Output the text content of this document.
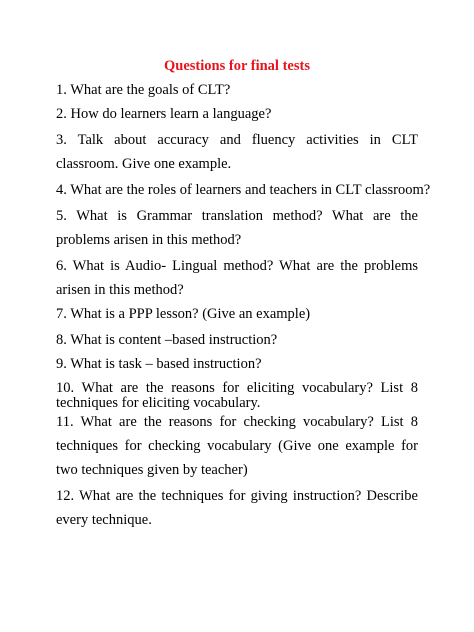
Questions for final tests
1. What are the goals of CLT?
2. How do learners learn a language?
3. Talk about accuracy and fluency activities in CLT classroom. Give one example.
4. What are the roles of learners and teachers in CLT classroom?
5. What is Grammar translation method? What are the problems arisen in this method?
6. What is Audio- Lingual method? What are the problems arisen in this method?
7. What is a PPP lesson? (Give an example)
8. What is content –based instruction?
9. What is task – based instruction?
10. What are the reasons for eliciting vocabulary? List 8 techniques for eliciting vocabulary.
11. What are the reasons for checking vocabulary? List 8 techniques for checking vocabulary (Give one example for two techniques given by teacher)
12. What are the techniques for giving instruction? Describe every technique.
